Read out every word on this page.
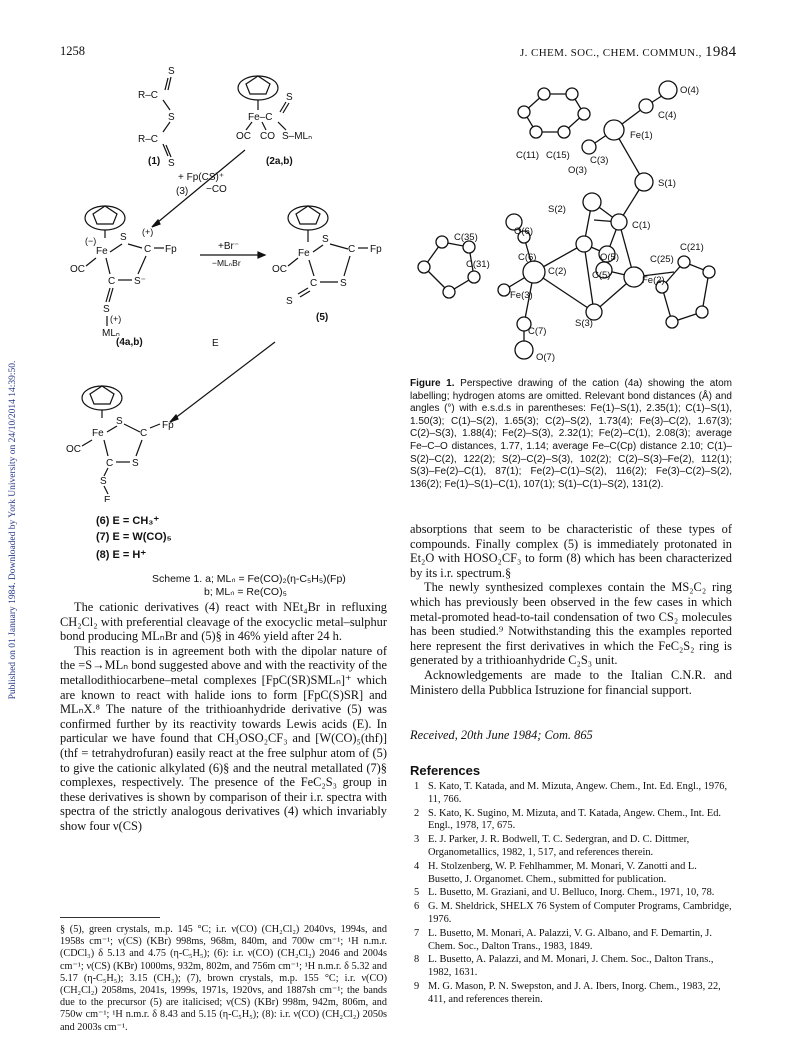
Published on 01 January 1984. Downloaded by York University on 24/10/2014 14:39:50.
1258	J. CHEM. SOC., CHEM. COMMUN., 1984
S
R–C
S
R–C
S
Fe–C
S
OC CO S–MLₙ
(−)
Fe
S (+)
C Fp
C S⁻
OC
S
(+)
MLₙ
Fe
S
C Fp
C S
OC
S
Fe
S
C
Fp
C S
OC
S
E
(1)	(2a,b)
+ Fp(CS)⁺
(3) −CO
+Br⁻
−MLₙBr
(4a,b)
(5)
E
(6) E = CH₃⁺
(7) E = W(CO)₅
(8) E = H⁺
Scheme 1. a; MLₙ = Fe(CO)₂(η-C₅H₅)(Fp)
b; MLₙ = Re(CO)₅
O(4)
C(4)
Fe(1)
C(11) C(15) C(3)
O(3)
S(1)
S(2)
C(1)
C(35)
O(6)
C(31)
C(6)
C(2)
O(5)
C(5)
C(21)
C(25)
Fe(2)
Fe(3)
S(3)
C(7)
O(7)
Figure 1. Perspective drawing of the cation (4a) showing the atom labelling; hydrogen atoms are omitted. Relevant bond distances (Å) and angles (°) with e.s.d.s in parentheses: Fe(1)–S(1), 2.35(1); C(1)–S(1), 1.50(3); C(1)–S(2), 1.65(3); C(2)–S(2), 1.73(4); Fe(3)–C(2), 1.67(3); C(2)–S(3), 1.88(4); Fe(2)–S(3), 2.32(1); Fe(2)–C(1), 2.08(3); average Fe–C–O distances, 1.77, 1.14; average Fe–C(Cp) distance 2.10; C(1)–S(2)–C(2), 122(2); S(2)–C(2)–S(3), 102(2); C(2)–S(3)–Fe(2), 112(1); S(3)–Fe(2)–C(1), 87(1); Fe(2)–C(1)–S(2), 116(2); Fe(3)–C(2)–S(2), 136(2); Fe(1)–S(1)–C(1), 107(1); S(1)–C(1)–S(2), 131(2).

The cationic derivatives (4) react with NEt₄Br in refluxing CH₂Cl₂ with preferential cleavage of the exocyclic metal–sulphur bond producing MLₙBr and (5)§ in 46% yield after 24 h.

This reaction is in agreement both with the dipolar nature of the =S→MLₙ bond suggested above and with the reactivity of the metallodithiocarbene–metal complexes [FpC(SR)SMLₙ]⁺ which are known to react with halide ions to form [FpC(S)SR] and MLₙX.⁸ The nature of the trithioanhydride derivative (5) was confirmed further by its reactivity towards Lewis acids (E). In particular we have found that CH₃OSO₂CF₃ and [W(CO)₅(thf)] (thf = tetrahydrofuran) easily react at the free sulphur atom of (5) to give the cationic alkylated (6)§ and the neutral metallated (7)§ complexes, respectively. The presence of the FeC₂S₃ group in these derivatives is shown by comparison of their i.r. spectra with spectra of the strictly analogous derivatives (4) which invariably show four ν(CS)

§ (5), green crystals, m.p. 145 °C; i.r. ν(CO) (CH₂Cl₂) 2040vs, 1994s, and 1958s cm⁻¹; ν(CS) (KBr) 998ms, 968m, 840m, and 700w cm⁻¹; ¹H n.m.r. (CDCl₃) δ 5.13 and 4.75 (η-C₅H₅); (6): i.r. ν(CO) (CH₂Cl₂) 2046 and 2004s cm⁻¹; ν(CS) (KBr) 1000ms, 932m, 802m, and 756m cm⁻¹; ¹H n.m.r. δ 5.32 and 5.17 (η-C₅H₅); 3.15 (CH₃); (7), brown crystals, m.p. 155 °C; i.r. ν(CO) (CH₂Cl₂) 2058ms, 2041s, 1999s, 1971s, 1920vs, and 1887sh cm⁻¹; the bands due to the precursor (5) are italicised; ν(CS) (KBr) 998m, 942m, 806m, and 750w cm⁻¹; ¹H n.m.r. δ 8.43 and 5.15 (η-C₅H₅); (8): i.r. ν(CO) (CH₂Cl₂) 2050s and 2003s cm⁻¹.

absorptions that seem to be characteristic of these types of compounds. Finally complex (5) is immediately protonated in Et₂O with HOSO₂CF₃ to form (8) which has been characterized by its i.r. spectrum.§

The newly synthesized complexes contain the MS₂C₂ ring which has previously been observed in the few cases in which metal-promoted head-to-tail condensation of two CS₂ molecules has been studied.⁹ Notwithstanding this the examples reported here represent the first derivatives in which the FeC₂S₂ ring is generated by a trithioanhydride C₂S₃ unit.

Acknowledgements are made to the Italian C.N.R. and Ministero della Pubblica Istruzione for financial support.

Received, 20th June 1984; Com. 865
References
1 S. Kato, T. Katada, and M. Mizuta, Angew. Chem., Int. Ed. Engl., 1976, 11, 766.
2 S. Kato, K. Sugino, M. Mizuta, and T. Katada, Angew. Chem., Int. Ed. Engl., 1978, 17, 675.
3 E. J. Parker, J. R. Bodwell, T. C. Sedergran, and D. C. Dittmer, Organometallics, 1982, 1, 517, and references therein.
4 H. Stolzenberg, W. P. Fehlhammer, M. Monari, V. Zanotti and L. Busetto, J. Organomet. Chem., submitted for publication.
5 L. Busetto, M. Graziani, and U. Belluco, Inorg. Chem., 1971, 10, 78.
6 G. M. Sheldrick, SHELX 76 System of Computer Programs, Cambridge, 1976.
7 L. Busetto, M. Monari, A. Palazzi, V. G. Albano, and F. Demartin, J. Chem. Soc., Dalton Trans., 1983, 1849.
8 L. Busetto, A. Palazzi, and M. Monari, J. Chem. Soc., Dalton Trans., 1982, 1631.
9 M. G. Mason, P. N. Swepston, and J. A. Ibers, Inorg. Chem., 1983, 22, 411, and references therein.
